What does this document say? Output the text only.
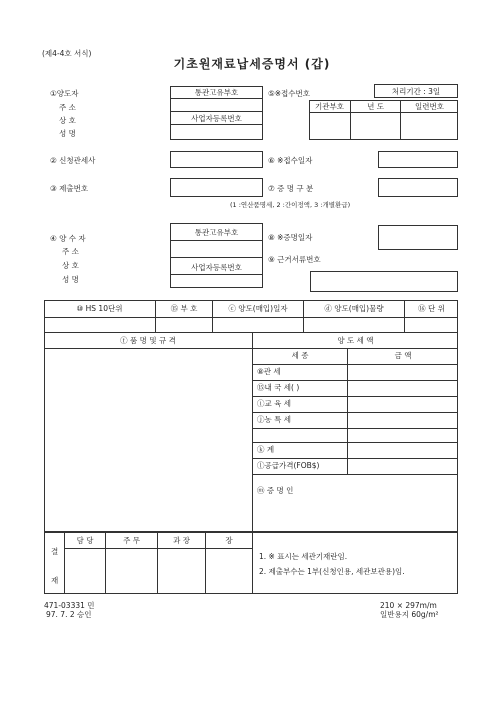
(제4-4호 서식)
기초원재료납세증명서 (갑)
①양도자
주 소
상 호
성 명
통관고유부호
사업자등록번호
⑤※접수번호	처리기간 : 3일
기관부호	년 도	일련번호
② 신청관세사	⑥ ※접수일자
③ 제출번호	⑦ 증 명 구 분
(1 :연산품명세, 2 :간이정액, 3 :개별환급)
④ 양 수 자
주 소
상 호
성 명
통관고유부호
사업자등록번호
⑧ ※증명일자
⑨ 근거서류번호
⑩ HS 10단위	⑮ 부 호	ⓒ 양도(매입)일자	ⓓ 양도(매입)물량	⑯ 단 위
ⓕ 품 명 및 규 격	양 도 세 액
세 종	금 액
⑧관 세
⑮내 국 세( )
ⓘ교 육 세
ⓙ농 특 세
ⓚ 계
ⓛ공급가격(FOB$)
ⓜ 증 명 인
결
재
담 당	주 무	과 장	장
1. ※ 표시는 세관기재란임.
2. 제출부수는 1부(신청인용, 세관보관용)임.
471-03331 민
97. 7. 2 승인
210 × 297m/m
일반용지 60g/m²
